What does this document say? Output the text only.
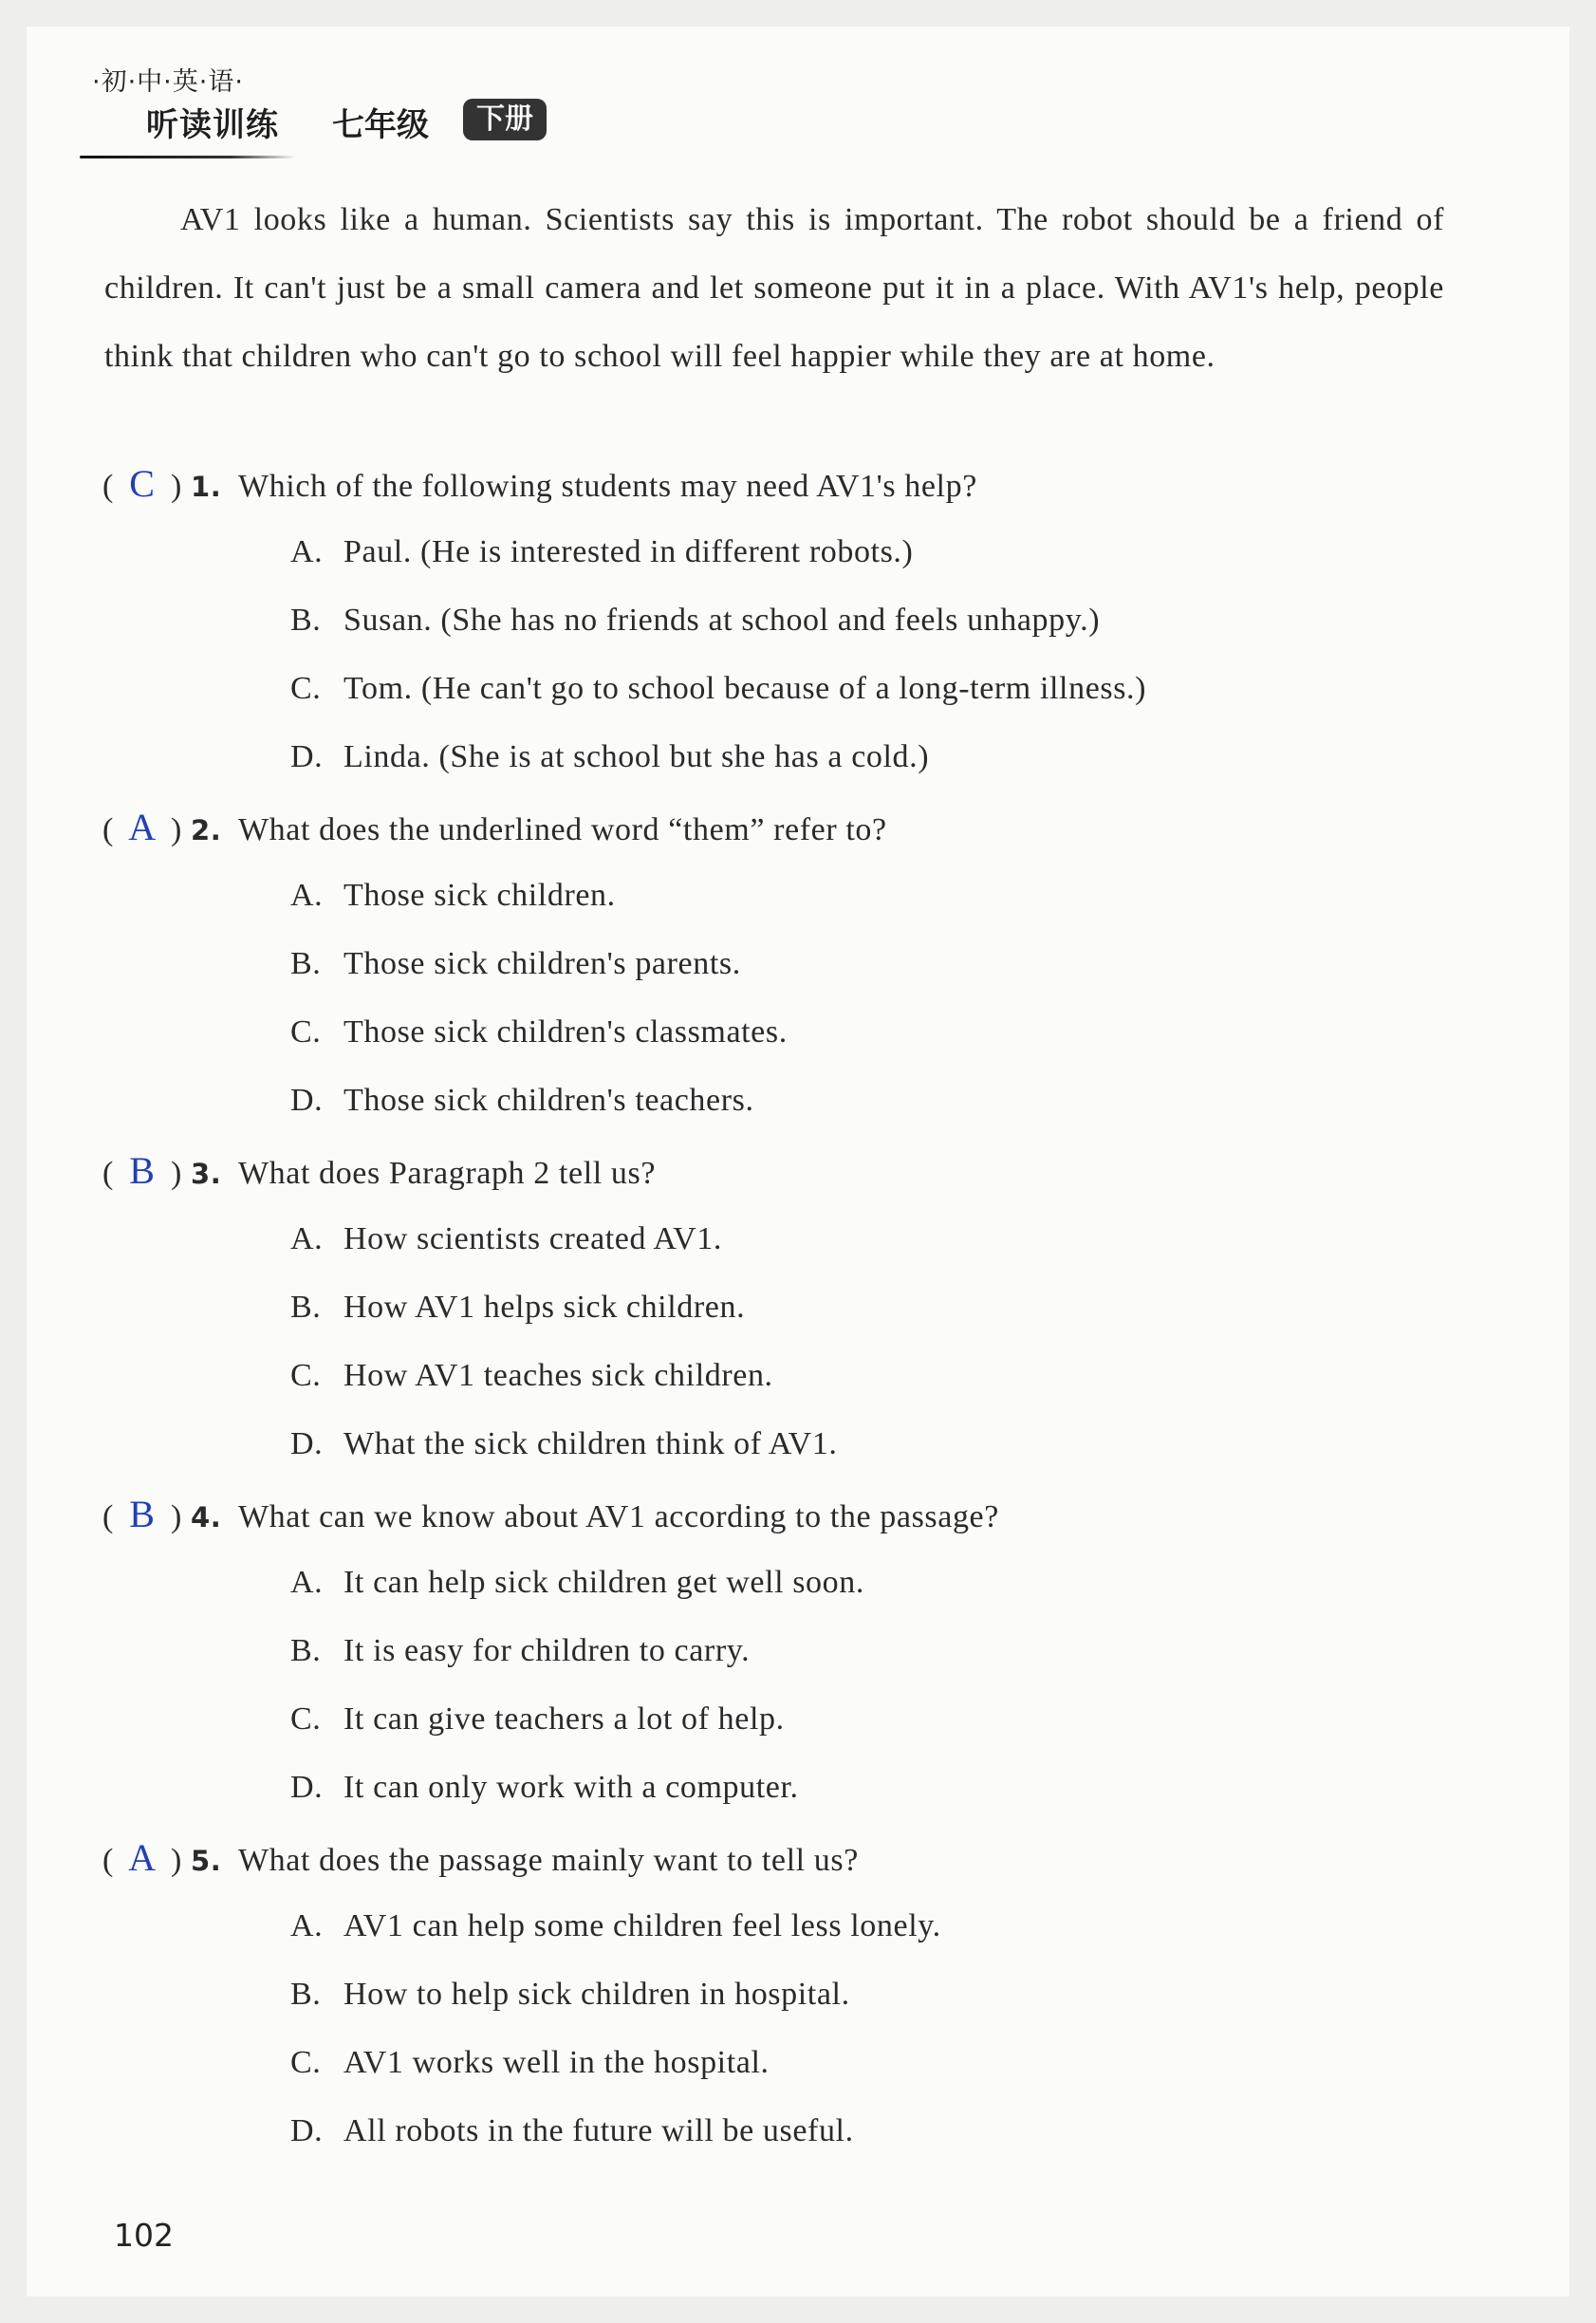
·初·中·英·语·
听读训练 七年级	下册

AV1 looks like a human. Scientists say this is important. The robot should be a friend of children. It can't just be a small camera and let someone put it in a place. With AV1's help, people think that children who can't go to school will feel happier while they are at home.

( C ) 1. Which of the following students may need AV1's help?
A. Paul. (He is interested in different robots.)
B. Susan. (She has no friends at school and feels unhappy.)
C. Tom. (He can't go to school because of a long-term illness.)
D. Linda. (She is at school but she has a cold.)
( A ) 2. What does the underlined word “them” refer to?
A. Those sick children.
B. Those sick children's parents.
C. Those sick children's classmates.
D. Those sick children's teachers.
( B ) 3. What does Paragraph 2 tell us?
A. How scientists created AV1.
B. How AV1 helps sick children.
C. How AV1 teaches sick children.
D. What the sick children think of AV1.
( B ) 4. What can we know about AV1 according to the passage?
A. It can help sick children get well soon.
B. It is easy for children to carry.
C. It can give teachers a lot of help.
D. It can only work with a computer.
( A ) 5. What does the passage mainly want to tell us?
A. AV1 can help some children feel less lonely.
B. How to help sick children in hospital.
C. AV1 works well in the hospital.
D. All robots in the future will be useful.
102
